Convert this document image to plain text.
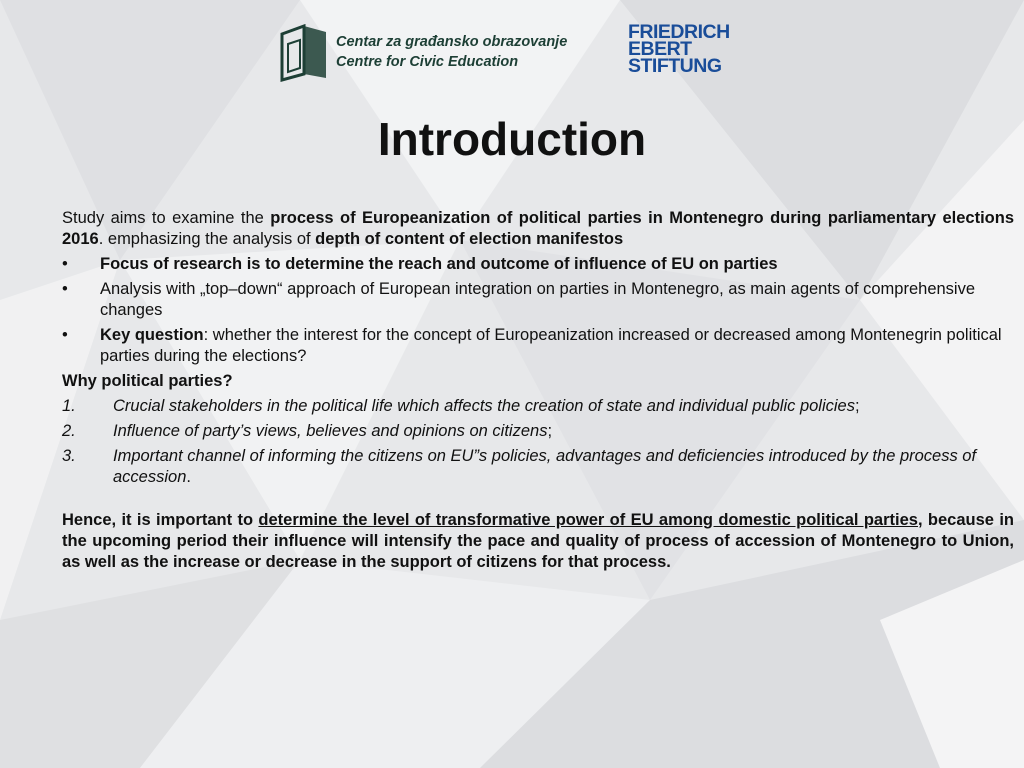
Centar za građansko obrazovanje
Centre for Civic Education
FRIEDRICH
EBERT
STIFTUNG
Introduction

Study aims to examine the process of Europeanization of political parties in Montenegro during parliamentary elections 2016. emphasizing the analysis of depth of content of election manifestos

• Focus of research is to determine the reach and outcome of influence of EU on parties
• Analysis with „top–down“ approach of European integration on parties in Montenegro, as main agents of comprehensive changes
• Key question: whether the interest for the concept of Europeanization increased or decreased among Montenegrin political parties during the elections?
Why political parties?
1. Crucial stakeholders in the political life which affects the creation of state and individual public policies;
2. Influence of party’s views, believes and opinions on citizens;
3. Important channel of informing the citizens on EU”s policies, advantages and deficiencies introduced by the process of accession.

Hence, it is important to determine the level of transformative power of EU among domestic political parties, because in the upcoming period their influence will intensify the pace and quality of process of accession of Montenegro to Union, as well as the increase or decrease in the support of citizens for that process.
